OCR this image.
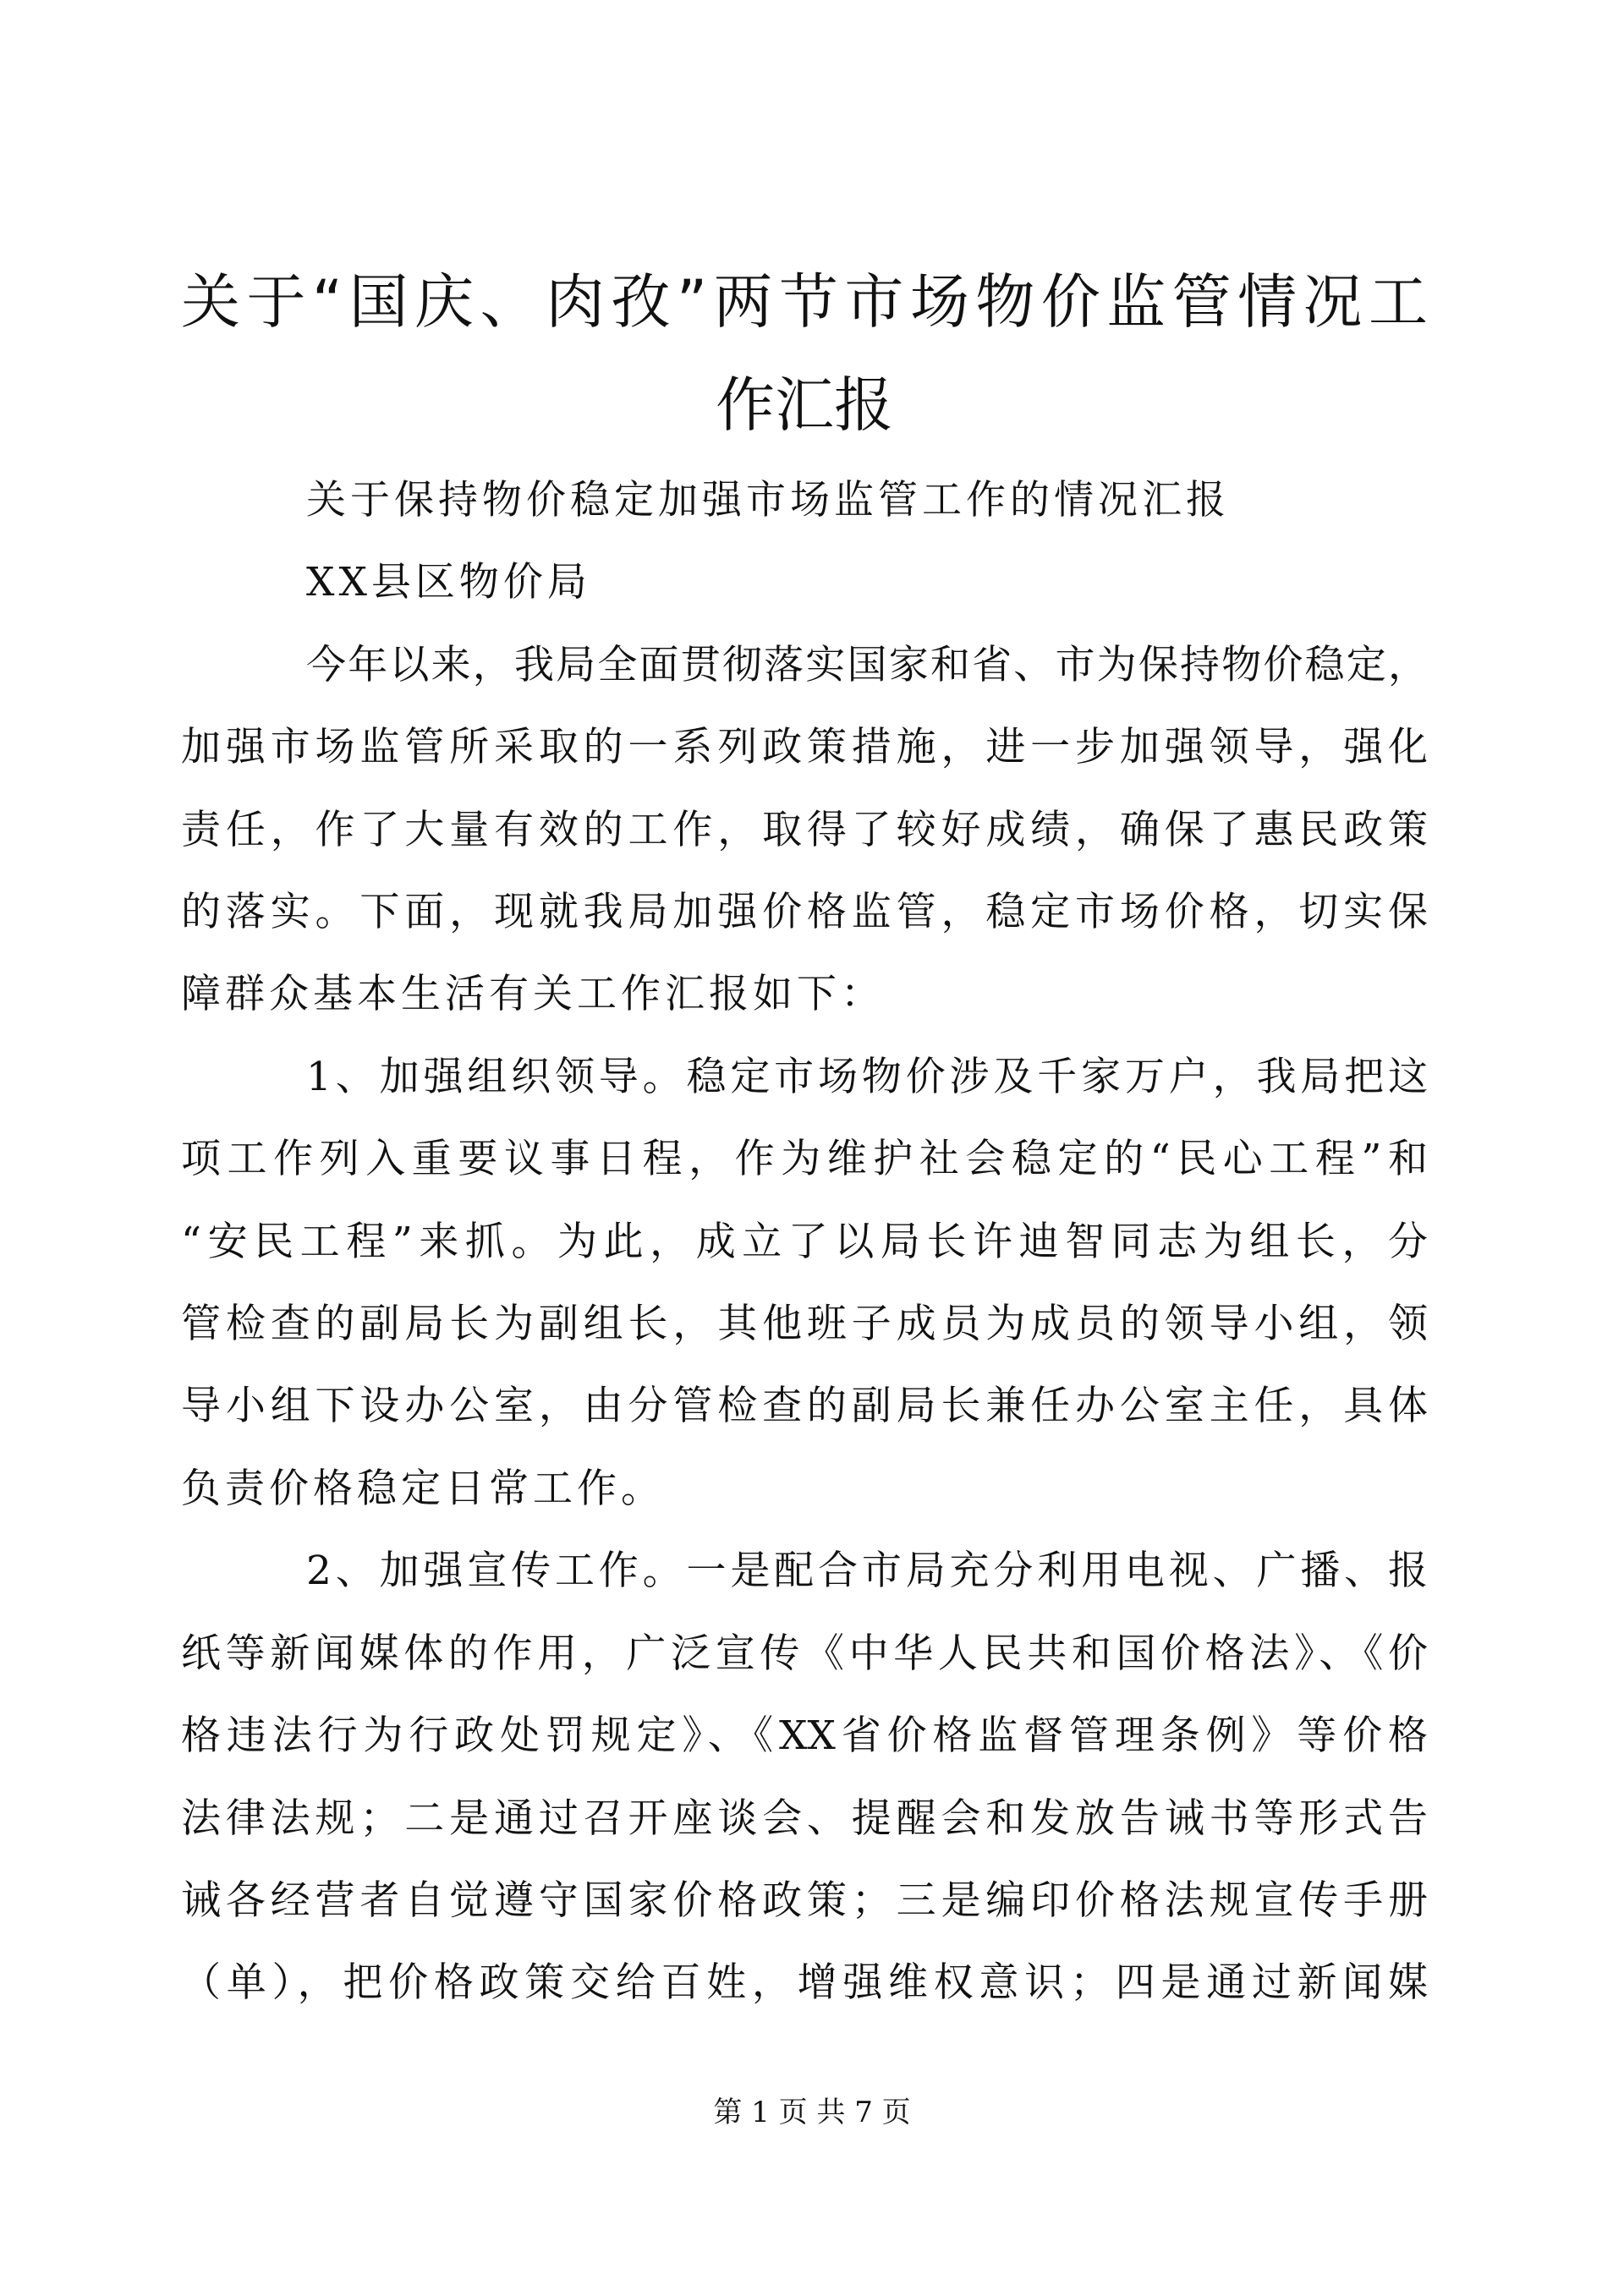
关于“国庆、肉孜”两节市场物价监管情况工
作汇报
关于保持物价稳定加强市场监管工作的情况汇报
XX县区物价局
今年以来，我局全面贯彻落实国家和省、市为保持物价稳定，
加强市场监管所采取的一系列政策措施，进一步加强领导，强化
责任，作了大量有效的工作，取得了较好成绩，确保了惠民政策
的落实。下面，现就我局加强价格监管，稳定市场价格，切实保
障群众基本生活有关工作汇报如下：
1、加强组织领导。稳定市场物价涉及千家万户，我局把这
项工作列入重要议事日程，作为维护社会稳定的“民心工程”和
“安民工程”来抓。为此，成立了以局长许迪智同志为组长，分
管检查的副局长为副组长，其他班子成员为成员的领导小组，领
导小组下设办公室，由分管检查的副局长兼任办公室主任，具体
负责价格稳定日常工作。
2、加强宣传工作。一是配合市局充分利用电视、广播、报
纸等新闻媒体的作用，广泛宣传《中华人民共和国价格法》、《价
格违法行为行政处罚规定》、《XX省价格监督管理条例》等价格
法律法规；二是通过召开座谈会、提醒会和发放告诫书等形式告
诫各经营者自觉遵守国家价格政策；三是编印价格法规宣传手册
（单），把价格政策交给百姓，增强维权意识；四是通过新闻媒
第 1 页 共 7 页
